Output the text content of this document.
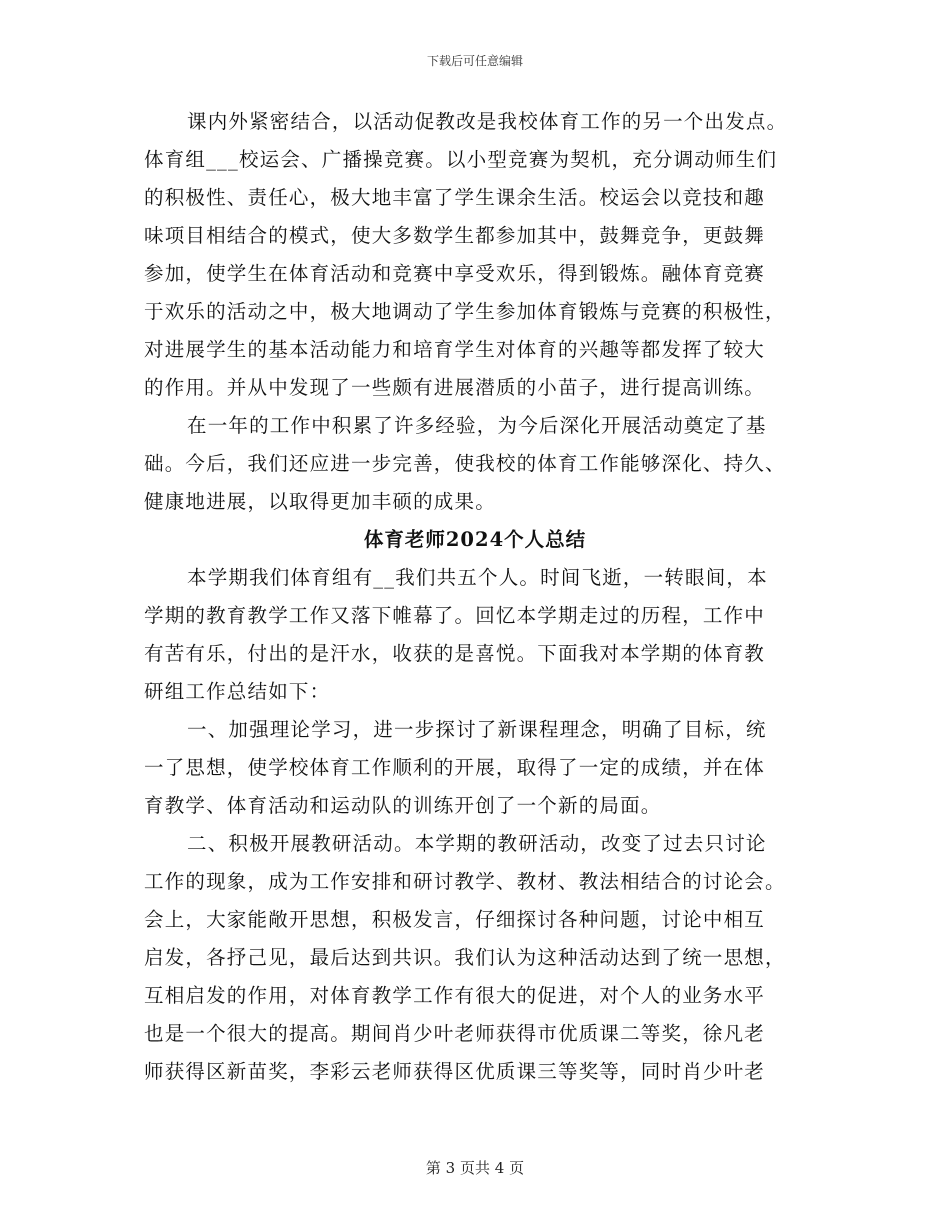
下载后可任意编辑
课内外紧密结合，以活动促教改是我校体育工作的另一个出发点。
体育组___校运会、广播操竞赛。以小型竞赛为契机，充分调动师生们
的积极性、责任心，极大地丰富了学生课余生活。校运会以竞技和趣
味项目相结合的模式，使大多数学生都参加其中，鼓舞竞争，更鼓舞
参加，使学生在体育活动和竞赛中享受欢乐，得到锻炼。融体育竞赛
于欢乐的活动之中，极大地调动了学生参加体育锻炼与竞赛的积极性，
对进展学生的基本活动能力和培育学生对体育的兴趣等都发挥了较大
的作用。并从中发现了一些颇有进展潜质的小苗子，进行提高训练。
在一年的工作中积累了许多经验，为今后深化开展活动奠定了基
础。今后，我们还应进一步完善，使我校的体育工作能够深化、持久、
健康地进展，以取得更加丰硕的成果。
体育老师2024个人总结
本学期我们体育组有__我们共五个人。时间飞逝，一转眼间，本
学期的教育教学工作又落下帷幕了。回忆本学期走过的历程，工作中
有苦有乐，付出的是汗水，收获的是喜悦。下面我对本学期的体育教
研组工作总结如下：
一、加强理论学习，进一步探讨了新课程理念，明确了目标，统
一了思想，使学校体育工作顺利的开展，取得了一定的成绩，并在体
育教学、体育活动和运动队的训练开创了一个新的局面。
二、积极开展教研活动。本学期的教研活动，改变了过去只讨论
工作的现象，成为工作安排和研讨教学、教材、教法相结合的讨论会。
会上，大家能敞开思想，积极发言，仔细探讨各种问题，讨论中相互
启发，各抒己见，最后达到共识。我们认为这种活动达到了统一思想，
互相启发的作用，对体育教学工作有很大的促进，对个人的业务水平
也是一个很大的提高。期间肖少叶老师获得市优质课二等奖，徐凡老
师获得区新苗奖，李彩云老师获得区优质课三等奖等，同时肖少叶老
第 3 页共 4 页
